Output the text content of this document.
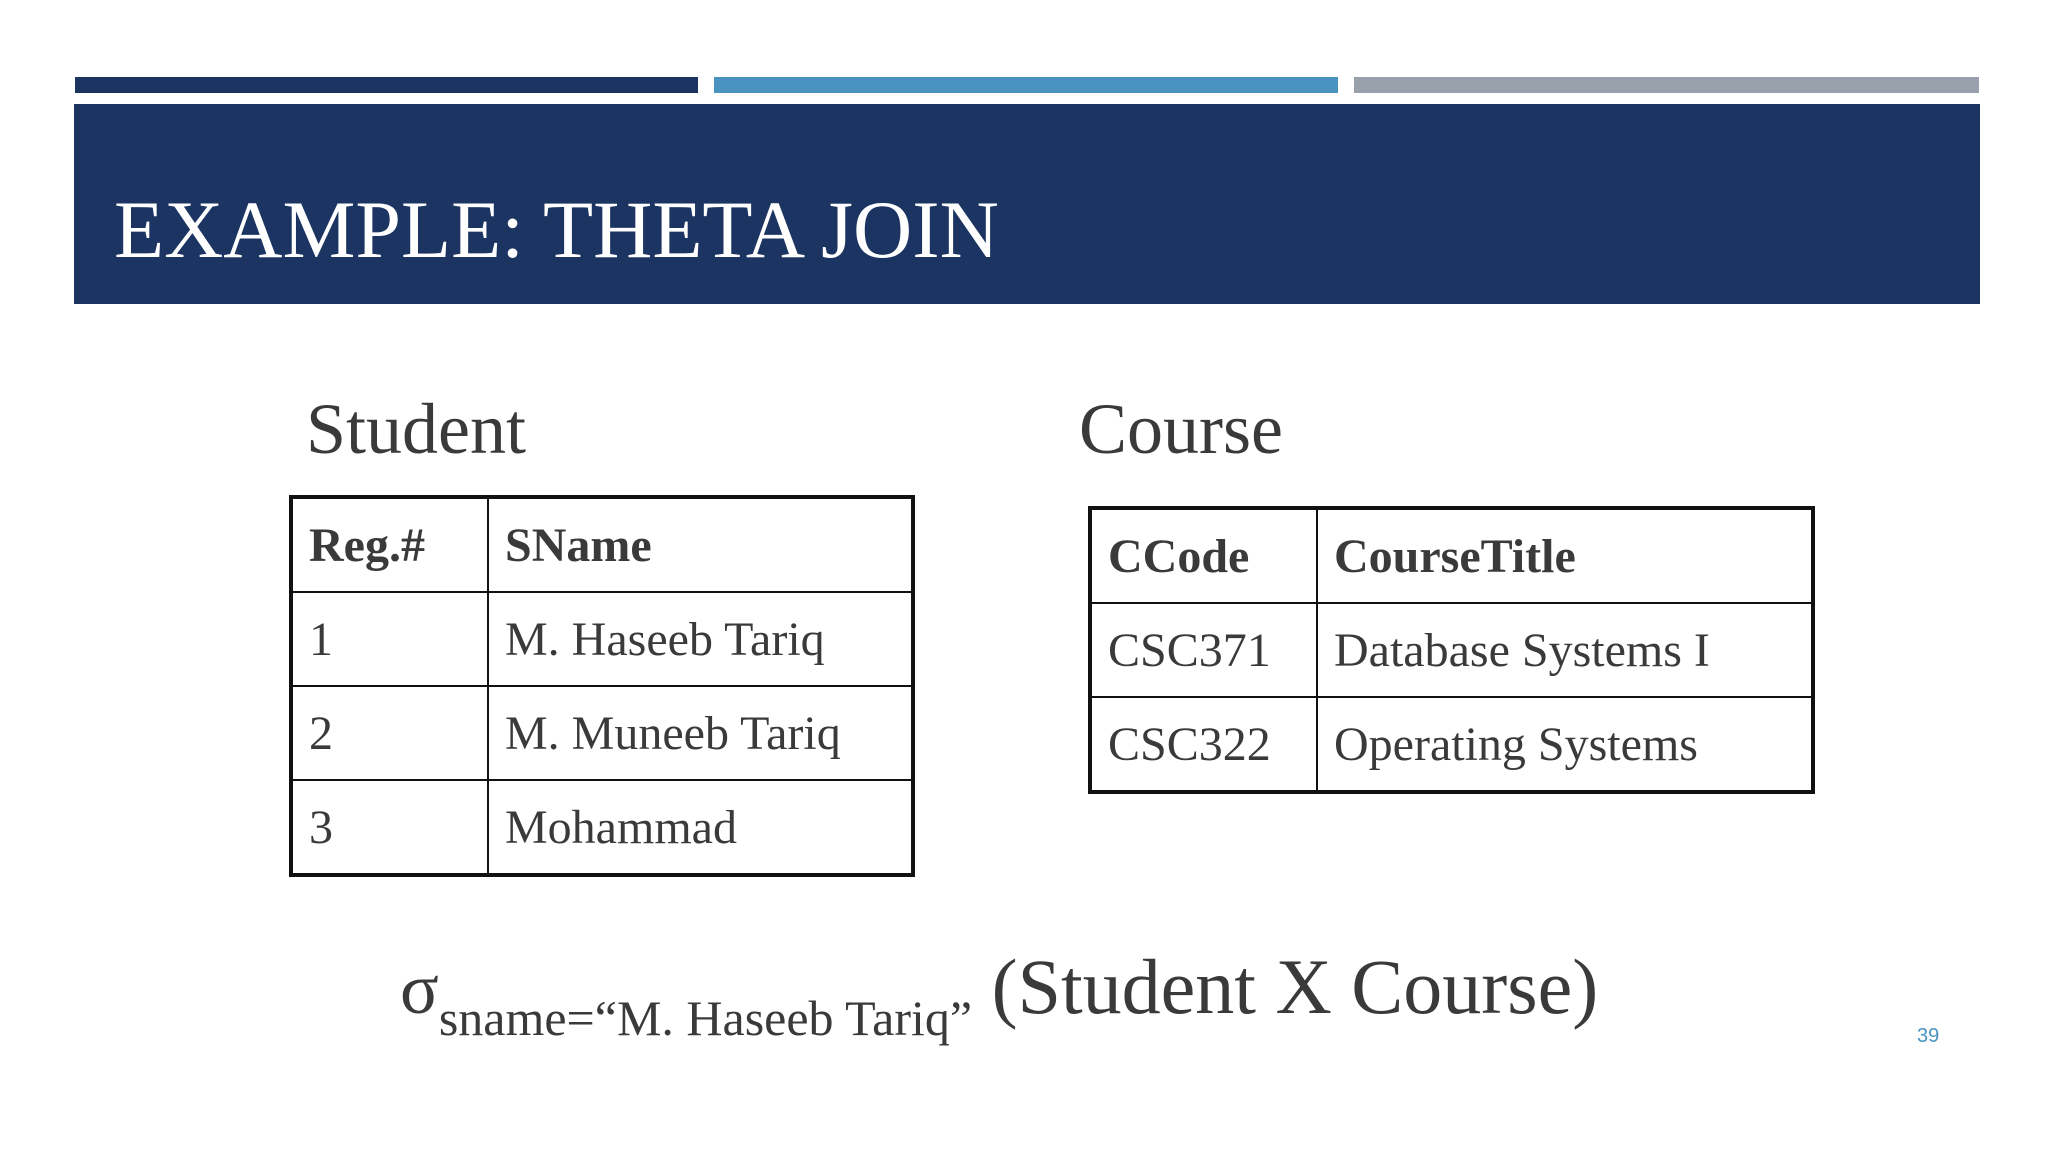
EXAMPLE: THETA JOIN
Student	Course
Reg.#	SName
1	M. Haseeb Tariq
2	M. Muneeb Tariq
3	Mohammad
CCode	CourseTitle
CSC371	Database Systems I
CSC322	Operating Systems
σsname=“M. Haseeb Tariq” (Student X Course)
39
